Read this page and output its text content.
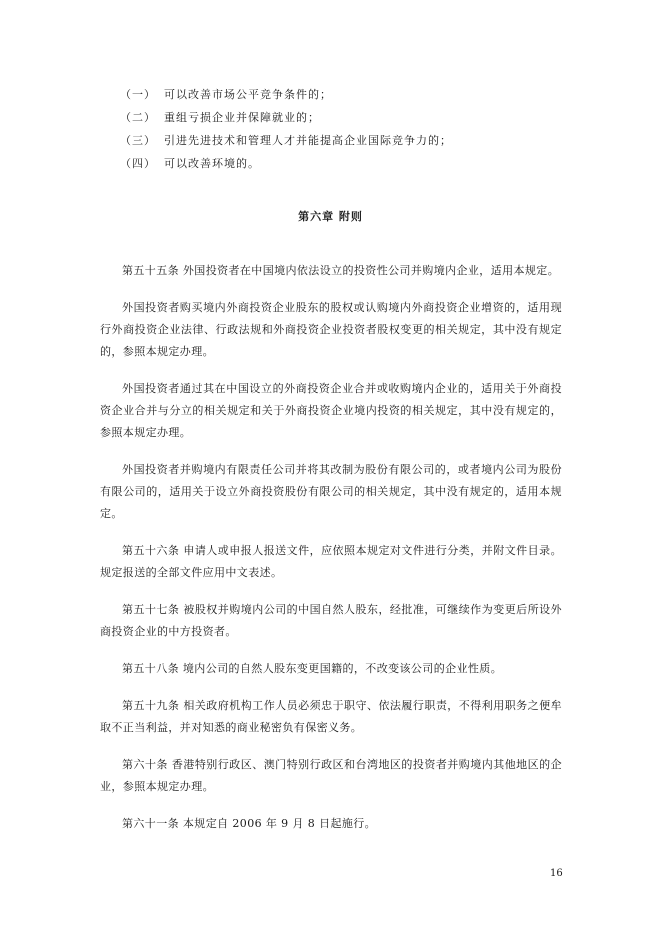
（一） 可以改善市场公平竞争条件的；
（二） 重组亏损企业并保障就业的；
（三） 引进先进技术和管理人才并能提高企业国际竞争力的；
（四） 可以改善环境的。
第六章 附则

第五十五条 外国投资者在中国境内依法设立的投资性公司并购境内企业，适用本规定。

外国投资者购买境内外商投资企业股东的股权或认购境内外商投资企业增资的，适用现行外商投资企业法律、行政法规和外商投资企业投资者股权变更的相关规定，其中没有规定的，参照本规定办理。

外国投资者通过其在中国设立的外商投资企业合并或收购境内企业的，适用关于外商投资企业合并与分立的相关规定和关于外商投资企业境内投资的相关规定，其中没有规定的，参照本规定办理。

外国投资者并购境内有限责任公司并将其改制为股份有限公司的，或者境内公司为股份有限公司的，适用关于设立外商投资股份有限公司的相关规定，其中没有规定的，适用本规定。

第五十六条 申请人或申报人报送文件，应依照本规定对文件进行分类，并附文件目录。规定报送的全部文件应用中文表述。

第五十七条 被股权并购境内公司的中国自然人股东，经批准，可继续作为变更后所设外商投资企业的中方投资者。

第五十八条 境内公司的自然人股东变更国籍的，不改变该公司的企业性质。

第五十九条 相关政府机构工作人员必须忠于职守、依法履行职责，不得利用职务之便牟取不正当利益，并对知悉的商业秘密负有保密义务。

第六十条 香港特别行政区、澳门特别行政区和台湾地区的投资者并购境内其他地区的企业，参照本规定办理。

第六十一条 本规定自 2006 年 9 月 8 日起施行。

16
